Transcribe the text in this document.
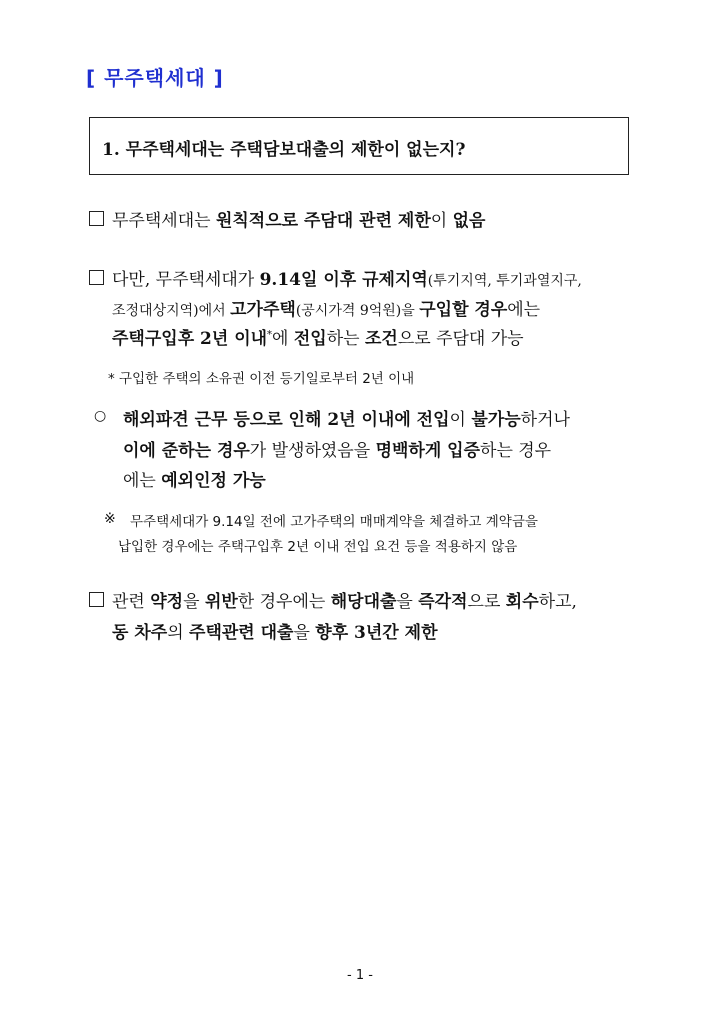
[ 무주택세대 ]
1. 무주택세대는 주택담보대출의 제한이 없는지?
무주택세대는 원칙적으로 주담대 관련 제한이 없음
다만, 무주택세대가 9.14일 이후 규제지역(투기지역, 투기과열지구,
조정대상지역)에서 고가주택(공시가격 9억원)을 구입할 경우에는
주택구입후 2년 이내*에 전입하는 조건으로 주담대 가능
* 구입한 주택의 소유권 이전 등기일로부터 2년 이내
○ 해외파견 근무 등으로 인해 2년 이내에 전입이 불가능하거나
이에 준하는 경우가 발생하였음을 명백하게 입증하는 경우
에는 예외인정 가능
※ 무주택세대가 9.14일 전에 고가주택의 매매계약을 체결하고 계약금을
납입한 경우에는 주택구입후 2년 이내 전입 요건 등을 적용하지 않음
관련 약정을 위반한 경우에는 해당대출을 즉각적으로 회수하고,
동 차주의 주택관련 대출을 향후 3년간 제한
- 1 -
